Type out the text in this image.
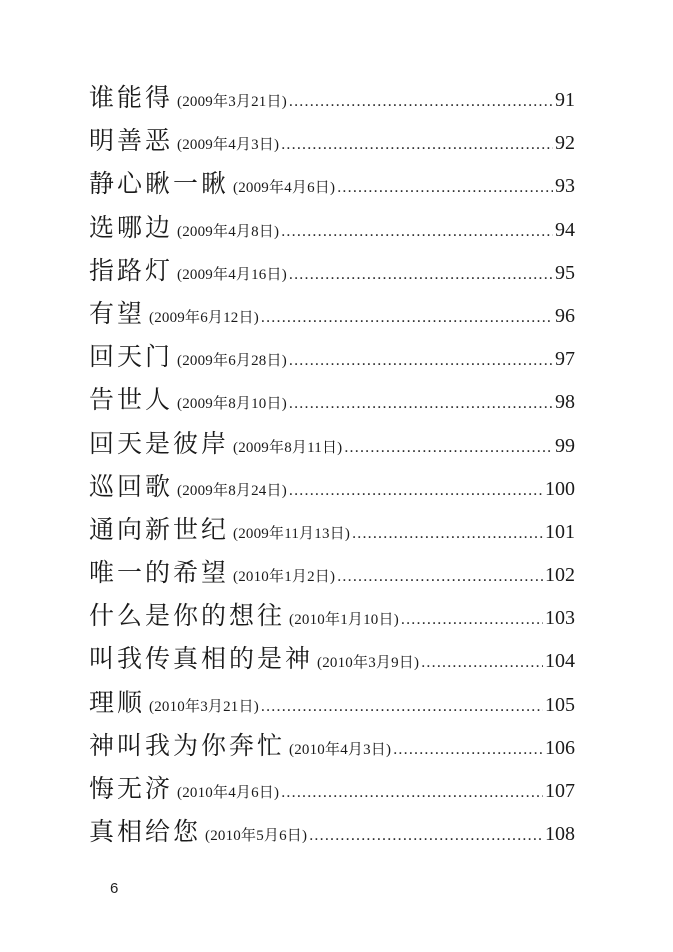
谁能得 (2009年3月21日) .....	91
明善恶 (2009年4月3日) .....	92
静心瞅一瞅 (2009年4月6日) .....	93
选哪边 (2009年4月8日) .....	94
指路灯 (2009年4月16日) .....	95
有望 (2009年6月12日) .....	96
回天门 (2009年6月28日) .....	97
告世人 (2009年8月10日) .....	98
回天是彼岸 (2009年8月11日) .....	99
巡回歌 (2009年8月24日) .....	100
通向新世纪 (2009年11月13日) .....	101
唯一的希望 (2010年1月2日) .....	102
什么是你的想往 (2010年1月10日) .....	103
叫我传真相的是神 (2010年3月9日) .....	104
理顺 (2010年3月21日) .....	105
神叫我为你奔忙 (2010年4月3日) .....	106
悔无济 (2010年4月6日) .....	107
真相给您 (2010年5月6日) .....	108
6
